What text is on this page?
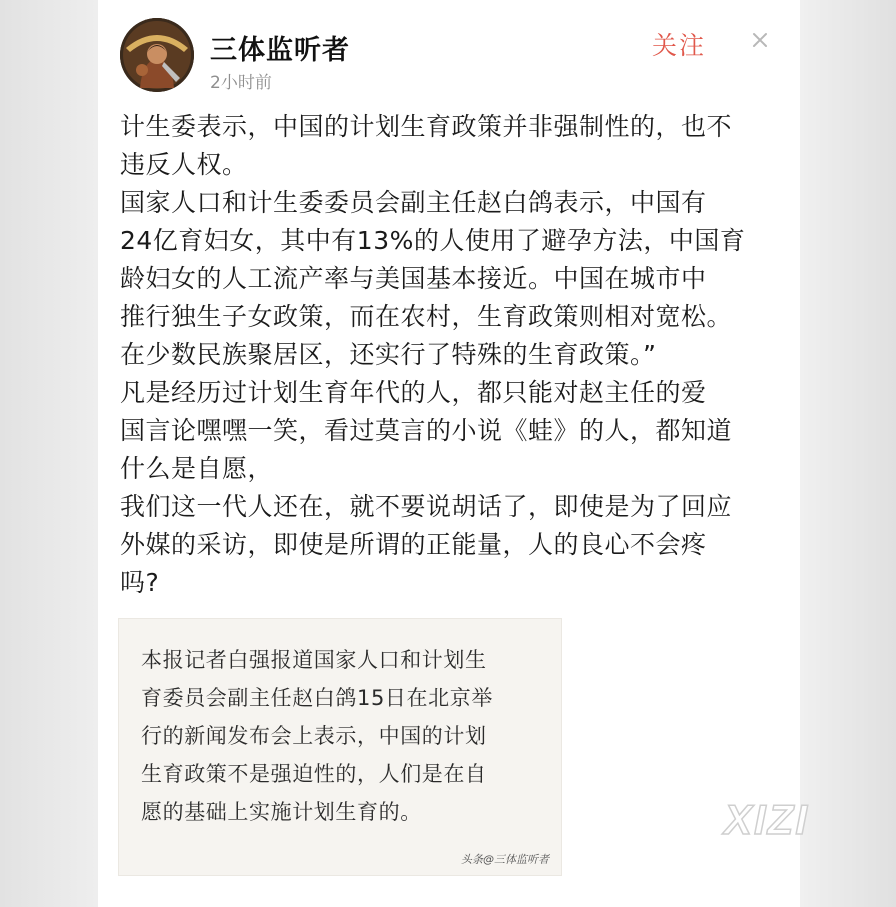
三体监听者
2小时前
关注

计生委表示，中国的计划生育政策并非强制性的，也不

违反人权。

国家人口和计生委委员会副主任赵白鸽表示，中国有

24亿育妇女，其中有13%的人使用了避孕方法，中国育

龄妇女的人工流产率与美国基本接近。中国在城市中

推行独生子女政策，而在农村，生育政策则相对宽松。

在少数民族聚居区，还实行了特殊的生育政策。”

凡是经历过计划生育年代的人，都只能对赵主任的爱

国言论嘿嘿一笑，看过莫言的小说《蛙》的人，都知道

什么是自愿，

我们这一代人还在，就不要说胡话了，即使是为了回应

外媒的采访，即使是所谓的正能量，人的良心不会疼

吗?

本报记者白强报道国家人口和计划生

育委员会副主任赵白鸽15日在北京举

行的新闻发布会上表示，中国的计划

生育政策不是强迫性的，人们是在自

愿的基础上实施计划生育的。

头条@三体监听者
XIZI
